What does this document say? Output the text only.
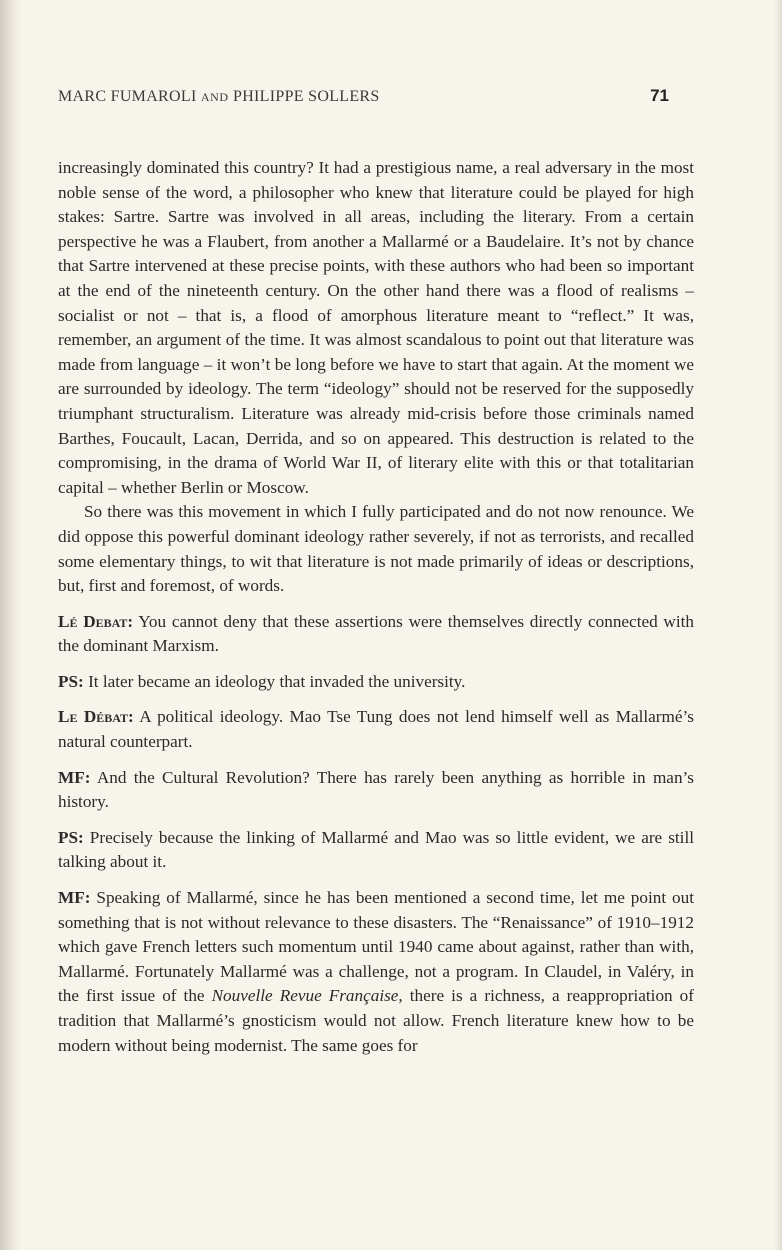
MARC FUMAROLI AND PHILIPPE SOLLERS	71

increasingly dominated this country? It had a prestigious name, a real adversary in the most noble sense of the word, a philosopher who knew that literature could be played for high stakes: Sartre. Sartre was involved in all areas, including the literary. From a certain perspective he was a Flaubert, from another a Mallarmé or a Baudelaire. It’s not by chance that Sartre intervened at these precise points, with these authors who had been so important at the end of the nineteenth century. On the other hand there was a flood of realisms – socialist or not – that is, a flood of amorphous literature meant to “reflect.” It was, remember, an argument of the time. It was almost scandalous to point out that literature was made from language – it won’t be long before we have to start that again. At the moment we are surrounded by ideology. The term “ideology” should not be reserved for the supposedly triumphant structuralism. Literature was already mid-crisis before those criminals named Barthes, Foucault, Lacan, Derrida, and so on appeared. This destruction is related to the compromising, in the drama of World War II, of literary elite with this or that totalitarian capital – whether Berlin or Moscow.

So there was this movement in which I fully participated and do not now renounce. We did oppose this powerful dominant ideology rather severely, if not as terrorists, and recalled some elementary things, to wit that literature is not made primarily of ideas or descriptions, but, first and foremost, of words.

Lé Debat: You cannot deny that these assertions were themselves directly connected with the dominant Marxism.

PS: It later became an ideology that invaded the university.

Le Débat: A political ideology. Mao Tse Tung does not lend himself well as Mallarmé’s natural counterpart.

MF: And the Cultural Revolution? There has rarely been anything as horrible in man’s history.

PS: Precisely because the linking of Mallarmé and Mao was so little evident, we are still talking about it.

MF: Speaking of Mallarmé, since he has been mentioned a second time, let me point out something that is not without relevance to these disasters. The “Renaissance” of 1910–1912 which gave French letters such momentum until 1940 came about against, rather than with, Mallarmé. Fortunately Mallarmé was a challenge, not a program. In Claudel, in Valéry, in the first issue of the Nouvelle Revue Française, there is a richness, a reappropriation of tradition that Mallarmé’s gnosticism would not allow. French literature knew how to be modern without being modernist. The same goes for
